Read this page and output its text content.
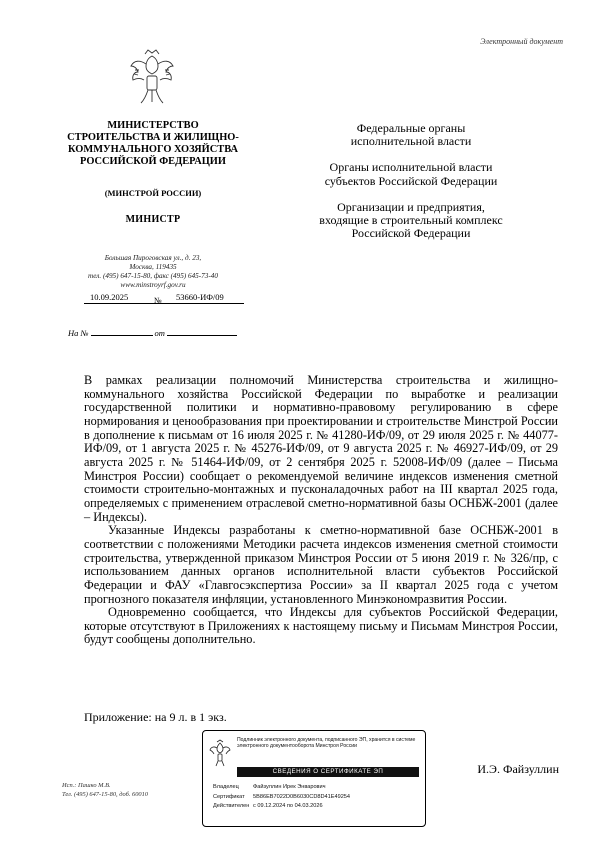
Электронный документ
МИНИСТЕРСТВО
СТРОИТЕЛЬСТВА И ЖИЛИЩНО-
КОММУНАЛЬНОГО ХОЗЯЙСТВА
РОССИЙСКОЙ ФЕДЕРАЦИИ
(МИНСТРОЙ РОССИИ)
МИНИСТР
Большая Пироговская ул., д. 23,
Москва, 119435
тел. (495) 647-15-80, факс (495) 645-73-40
www.minstroyrf.gov.ru
10.09.2025	53660-ИФ/09
№
На №	от
Федеральные органы
исполнительной власти
Органы исполнительной власти
субъектов Российской Федерации
Организации и предприятия,
входящие в строительный комплекс
Российской Федерации

В рамках реализации полномочий Министерства строительства и жилищно-коммунального хозяйства Российской Федерации по выработке и реализации государственной политики и нормативно-правовому регулированию в сфере нормирования и ценообразования при проектировании и строительстве Минстрой России в дополнение к письмам от 16 июля 2025 г. № 41280-ИФ/09, от 29 июля 2025 г. № 44077-ИФ/09, от 1 августа 2025 г. № 45276-ИФ/09, от 9 августа 2025 г. № 46927-ИФ/09, от 29 августа 2025 г. № 51464-ИФ/09, от 2 сентября 2025 г. 52008-ИФ/09 (далее – Письма Минстроя России) сообщает о рекомендуемой величине индексов изменения сметной стоимости строительно-монтажных и пусконаладочных работ на III квартал 2025 года, определяемых с применением отраслевой сметно-нормативной базы ОСНБЖ-2001 (далее – Индексы).

Указанные Индексы разработаны к сметно-нормативной базе ОСНБЖ-2001 в соответствии с положениями Методики расчета индексов изменения сметной стоимости строительства, утвержденной приказом Минстроя России от 5 июня 2019 г. № 326/пр, с использованием данных органов исполнительной власти субъектов Российской Федерации и ФАУ «Главгосэкспертиза России» за II квартал 2025 года с учетом прогнозного показателя инфляции, установленного Минэкономразвития России.

Одновременно сообщается, что Индексы для субъектов Российской Федерации, которые отсутствуют в Приложениях к настоящему письму и Письмам Минстроя России, будут сообщены дополнительно.

Приложение: на 9 л. в 1 экз.
Подлинник электронного документа, подписанного ЭП, хранится в системе электронного документооборота Минстроя России
СВЕДЕНИЯ О СЕРТИФИКАТЕ ЭП
Владелец	Файзуллин Ирек Энварович
Сертификат 5B86EB7022D0B6030CD8D41E49254
Действителен с 09.12.2024 по 04.03.2026
И.Э. Файзуллин
Исп.: Пашко М.В.
Тел. (495) 647-15-80, доб. 60010
